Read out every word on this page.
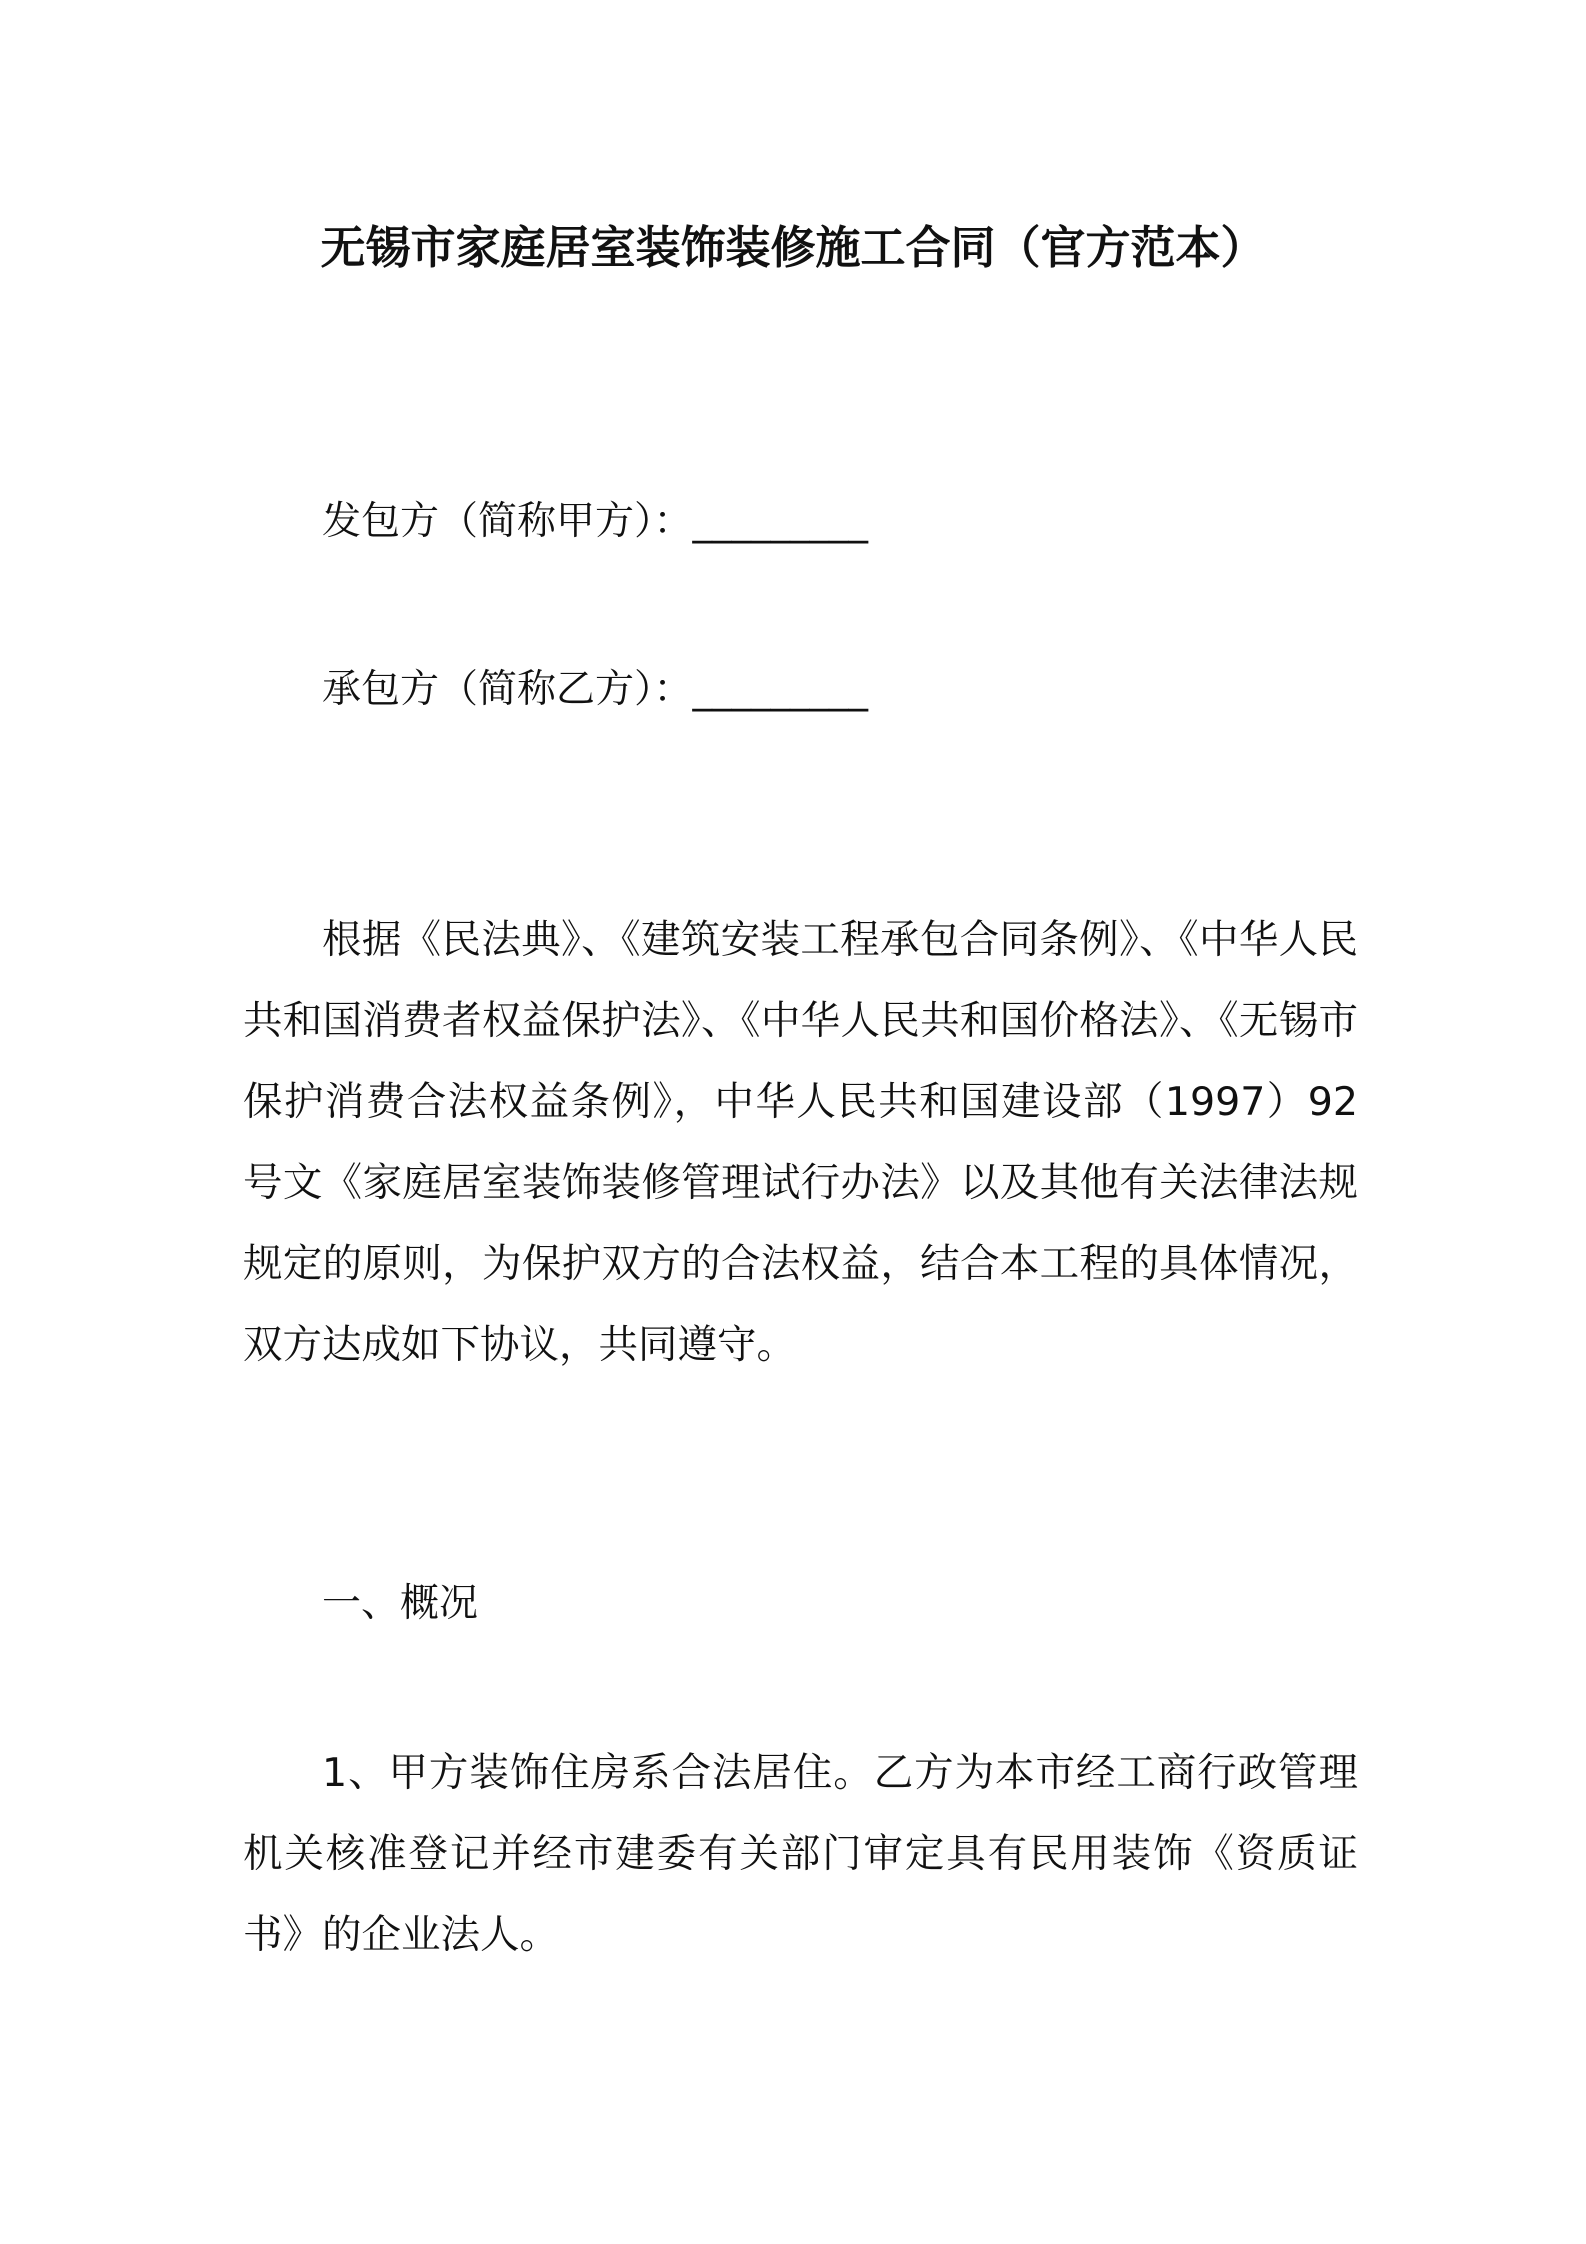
无锡市家庭居室装饰装修施工合同（官方范本）

发包方（简称甲方）：_________

承包方（简称乙方）：_________

根据《民法典》、《建筑安装工程承包合同条例》、《中华人民共和国消费者权益保护法》、《中华人民共和国价格法》、《无锡市保护消费合法权益条例》，中华人民共和国建设部（1997）92号文《家庭居室装饰装修管理试行办法》以及其他有关法律法规规定的原则，为保护双方的合法权益，结合本工程的具体情况，双方达成如下协议，共同遵守。

一、概况

1、甲方装饰住房系合法居住。乙方为本市经工商行政管理机关核准登记并经市建委有关部门审定具有民用装饰《资质证书》的企业法人。
